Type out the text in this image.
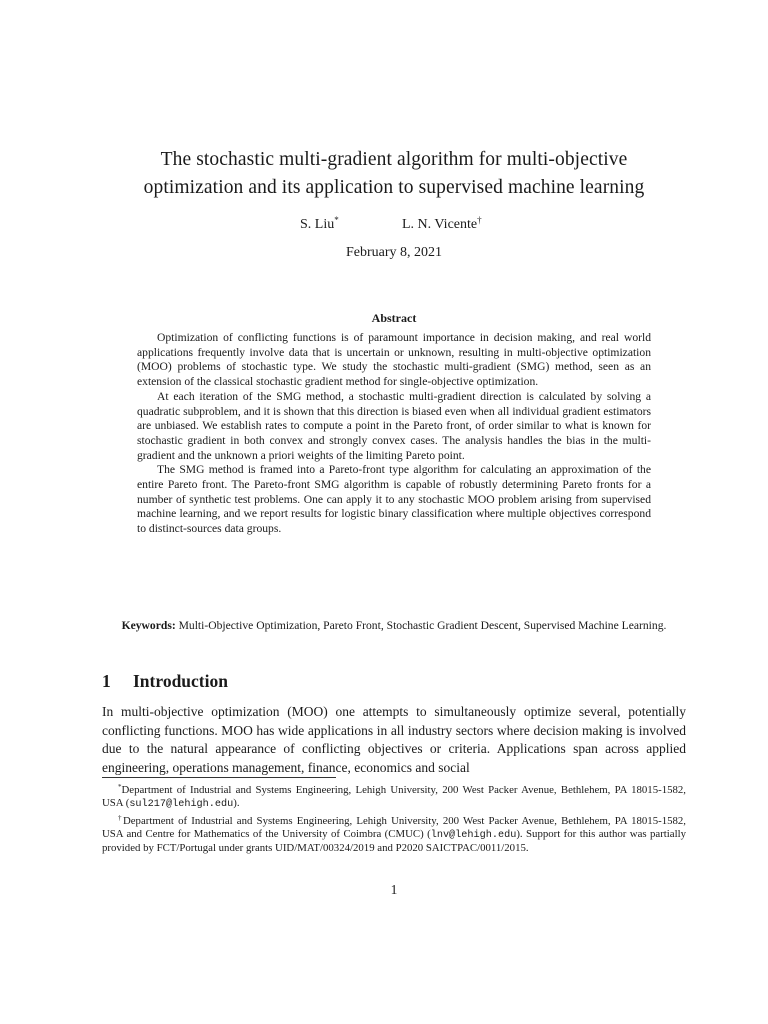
The stochastic multi-gradient algorithm for multi-objective
optimization and its application to supervised machine learning
S. Liu*	L. N. Vicente†
February 8, 2021
Abstract

Optimization of conflicting functions is of paramount importance in decision making, and real world applications frequently involve data that is uncertain or unknown, resulting in multi-objective optimization (MOO) problems of stochastic type. We study the stochastic multi-gradient (SMG) method, seen as an extension of the classical stochastic gradient method for single-objective optimization.

At each iteration of the SMG method, a stochastic multi-gradient direction is calculated by solving a quadratic subproblem, and it is shown that this direction is biased even when all individual gradient estimators are unbiased. We establish rates to compute a point in the Pareto front, of order similar to what is known for stochastic gradient in both convex and strongly convex cases. The analysis handles the bias in the multi-gradient and the unknown a priori weights of the limiting Pareto point.

The SMG method is framed into a Pareto-front type algorithm for calculating an approximation of the entire Pareto front. The Pareto-front SMG algorithm is capable of robustly determining Pareto fronts for a number of synthetic test problems. One can apply it to any stochastic MOO problem arising from supervised machine learning, and we report results for logistic binary classification where multiple objectives correspond to distinct-sources data groups.

Keywords: Multi-Objective Optimization, Pareto Front, Stochastic Gradient Descent, Supervised Machine Learning.
1 Introduction

In multi-objective optimization (MOO) one attempts to simultaneously optimize several, potentially conflicting functions. MOO has wide applications in all industry sectors where decision making is involved due to the natural appearance of conflicting objectives or criteria. Applications span across applied engineering, operations management, finance, economics and social

*Department of Industrial and Systems Engineering, Lehigh University, 200 West Packer Avenue, Bethlehem, PA 18015-1582, USA (sul217@lehigh.edu).

†Department of Industrial and Systems Engineering, Lehigh University, 200 West Packer Avenue, Bethlehem, PA 18015-1582, USA and Centre for Mathematics of the University of Coimbra (CMUC) (lnv@lehigh.edu). Support for this author was partially provided by FCT/Portugal under grants UID/MAT/00324/2019 and P2020 SAICTPAC/0011/2015.

1
